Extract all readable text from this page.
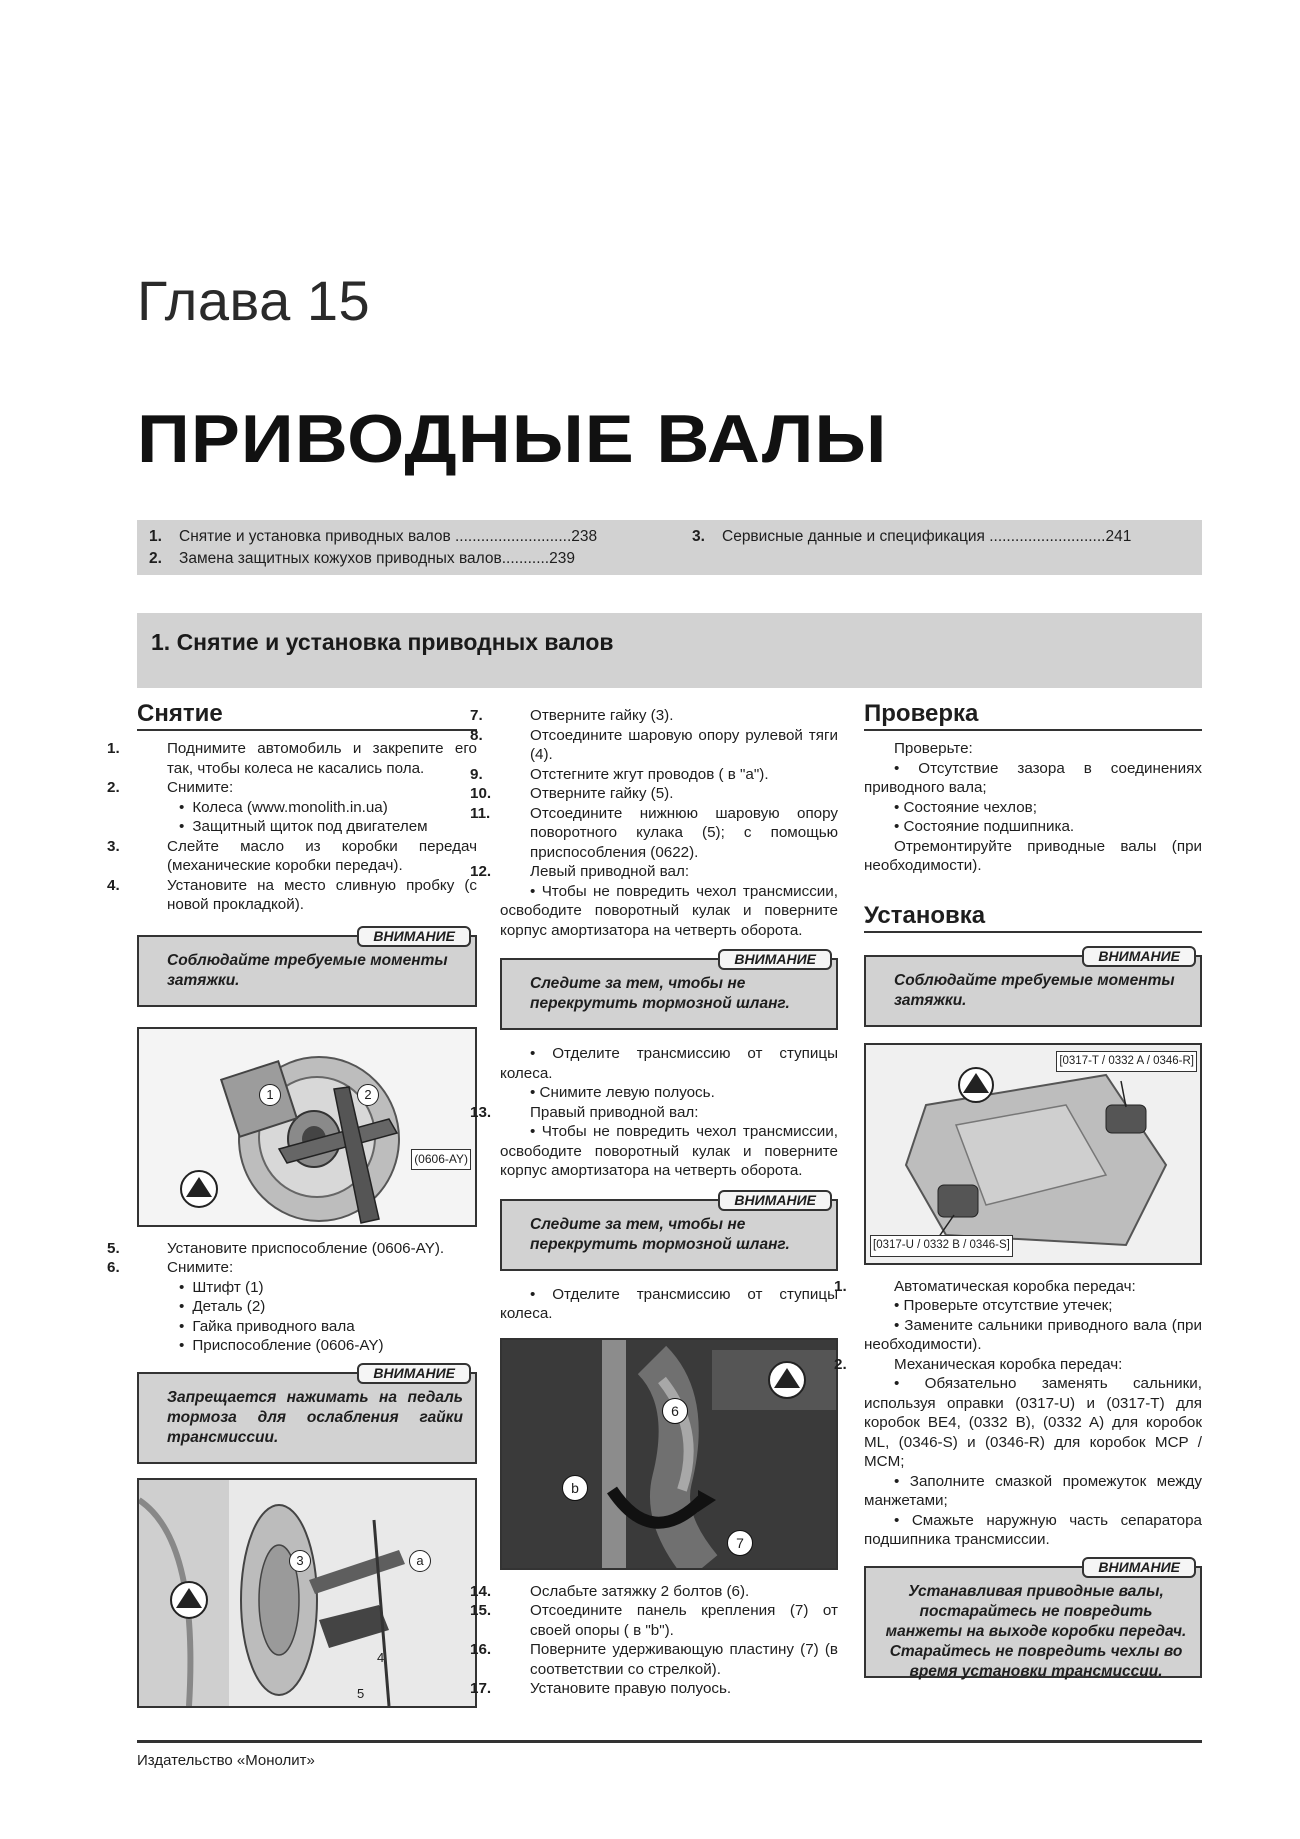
Глава 15
ПРИВОДНЫЕ ВАЛЫ
1. Снятие и установка приводных валов ...........................238
2. Замена защитных кожухов приводных валов...........239
3. Сервисные данные и спецификация ...........................241
1. Снятие и установка приводных валов
Снятие

1.	Поднимите автомобиль и закрепите его так, чтобы колеса не касались пола.

2.	Снимите:

• Колеса (www.monolith.in.ua)

• Защитный щиток под двигателем

3.	Слейте масло из коробки передач (механические коробки передач).

4.	Установите на место сливную пробку (с новой прокладкой).

ВНИМАНИЕ
Соблюдайте требуемые моменты затяжки.
1	2
(0606-AY)

5.	Установите приспособление (0606-AY).

6.	Снимите:

• Штифт (1)

• Деталь (2)

• Гайка приводного вала

• Приспособление (0606-AY)

ВНИМАНИЕ
Запрещается нажимать на педаль тормоза для ослабления гайки трансмиссии.
3	a
4
5

7.	Отверните гайку (3).

8.	Отсоедините шаровую опору рулевой тяги (4).

9.	Отстегните жгут проводов ( в "a").

10.	Отверните гайку (5).

11.	Отсоедините нижнюю шаровую опору поворотного кулака (5); с помощью приспособления (0622).

12.	Левый приводной вал:

• Чтобы не повредить чехол трансмиссии, освободите поворотный кулак и поверните корпус амортизатора на четверть оборота.

ВНИМАНИЕ
Следите за тем, чтобы не перекрутить тормозной шланг.

• Отделите трансмиссию от ступицы колеса.

• Снимите левую полуось.

13.	Правый приводной вал:

• Чтобы не повредить чехол трансмиссии, освободите поворотный кулак и поверните корпус амортизатора на четверть оборота.

ВНИМАНИЕ
Следите за тем, чтобы не перекрутить тормозной шланг.

• Отделите трансмиссию от ступицы колеса.

6
b
7

14.	Ослабьте затяжку 2 болтов (6).

15.	Отсоедините панель крепления (7) от своей опоры ( в "b").

16.	Поверните удерживающую пластину (7) (в соответствии со стрелкой).

17.	Установите правую полуось.

Проверка

Проверьте:

• Отсутствие зазора в соединениях приводного вала;

• Состояние чехлов;

• Состояние подшипника.

Отремонтируйте приводные валы (при необходимости).

Установка
ВНИМАНИЕ
Соблюдайте требуемые моменты затяжки.
[0317-T / 0332 A / 0346-R]
[0317-U / 0332 B / 0346-S]

1.	Автоматическая коробка передач:

• Проверьте отсутствие утечек;

• Замените сальники приводного вала (при необходимости).

2.	Механическая коробка передач:

• Обязательно заменять сальники, используя оправки (0317-U) и (0317-T) для коробок BE4, (0332 B), (0332 A) для коробок ML, (0346-S) и (0346-R) для коробок MCP / MCM;

• Заполните смазкой промежуток между манжетами;

• Смажьте наружную часть сепаратора подшипника трансмиссии.

ВНИМАНИЕ
Устанавливая приводные валы, постарайтесь не повредить манжеты на выходе коробки передач. Старайтесь не повредить чехлы во время установки трансмиссии.
Издательство «Монолит»
